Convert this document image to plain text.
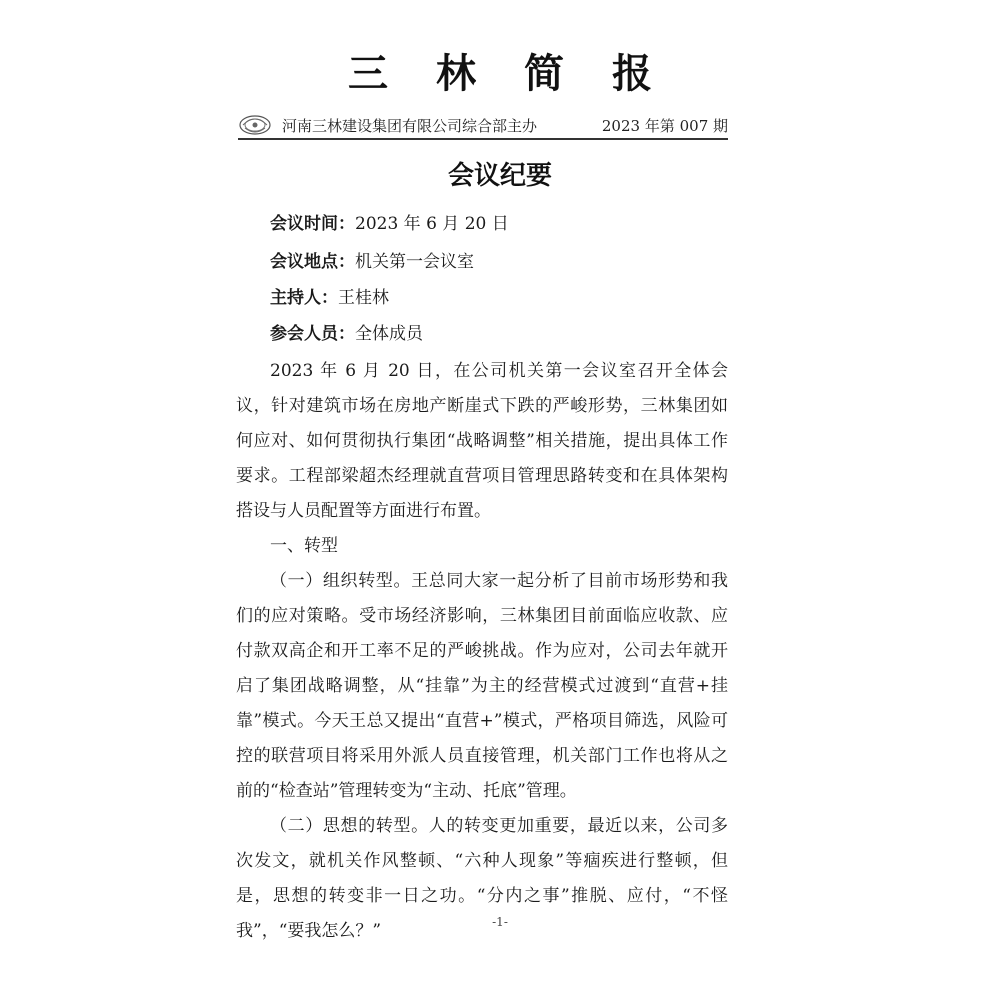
三林简报
河南三林建设集团有限公司综合部主办	2023 年第 007 期
会议纪要
会议时间：2023 年 6 月 20 日
会议地点：机关第一会议室
主持人：王桂林
参会人员：全体成员

2023 年 6 月 20 日，在公司机关第一会议室召开全体会议，针对建筑市场在房地产断崖式下跌的严峻形势，三林集团如何应对、如何贯彻执行集团“战略调整”相关措施，提出具体工作要求。工程部梁超杰经理就直营项目管理思路转变和在具体架构搭设与人员配置等方面进行布置。

一、转型

（一）组织转型。王总同大家一起分析了目前市场形势和我们的应对策略。受市场经济影响，三林集团目前面临应收款、应付款双高企和开工率不足的严峻挑战。作为应对，公司去年就开启了集团战略调整，从“挂靠”为主的经营模式过渡到“直营+挂靠”模式。今天王总又提出“直营+”模式，严格项目筛选，风险可控的联营项目将采用外派人员直接管理，机关部门工作也将从之前的“检查站”管理转变为“主动、托底”管理。

（二）思想的转型。人的转变更加重要，最近以来，公司多次发文，就机关作风整顿、“六种人现象”等痼疾进行整顿，但是，思想的转变非一日之功。“分内之事”推脱、应付，“不怪我”，“要我怎么？”	-1-
